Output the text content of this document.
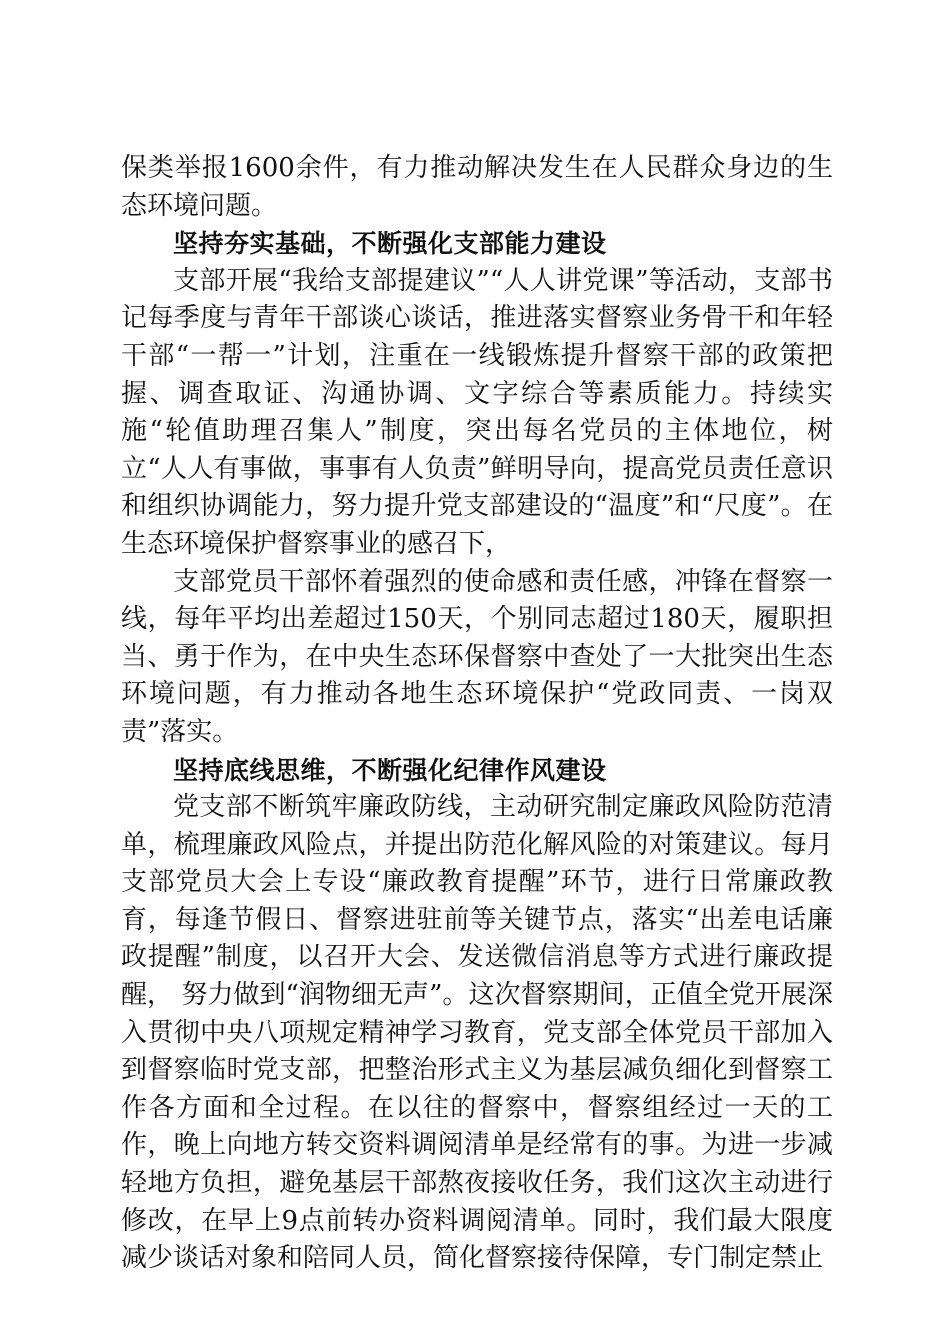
保类举报1600余件，有力推动解决发生在人民群众身边的生态环境问题。

坚持夯实基础，不断强化支部能力建设

支部开展“我给支部提建议”“人人讲党课”等活动，支部书记每季度与青年干部谈心谈话，推进落实督察业务骨干和年轻干部“一帮一”计划，注重在一线锻炼提升督察干部的政策把握、调查取证、沟通协调、文字综合等素质能力。持续实施“轮值助理召集人”制度，突出每名党员的主体地位，树立“人人有事做，事事有人负责”鲜明导向，提高党员责任意识和组织协调能力，努力提升党支部建设的“温度”和“尺度”。在生态环境保护督察事业的感召下，

支部党员干部怀着强烈的使命感和责任感，冲锋在督察一线，每年平均出差超过150天，个别同志超过180天，履职担当、勇于作为，在中央生态环保督察中查处了一大批突出生态环境问题，有力推动各地生态环境保护“党政同责、一岗双责”落实。

坚持底线思维，不断强化纪律作风建设

党支部不断筑牢廉政防线，主动研究制定廉政风险防范清单，梳理廉政风险点，并提出防范化解风险的对策建议。每月支部党员大会上专设“廉政教育提醒”环节，进行日常廉政教育，每逢节假日、督察进驻前等关键节点，落实“出差电话廉政提醒”制度，以召开大会、发送微信消息等方式进行廉政提醒， 努力做到“润物细无声”。这次督察期间，正值全党开展深入贯彻中央八项规定精神学习教育，党支部全体党员干部加入到督察临时党支部，把整治形式主义为基层减负细化到督察工作各方面和全过程。在以往的督察中，督察组经过一天的工作，晚上向地方转交资料调阅清单是经常有的事。为进一步减轻地方负担，避免基层干部熬夜接收任务，我们这次主动进行修改，在早上9点前转办资料调阅清单。同时，我们最大限度减少谈话对象和陪同人员，简化督察接待保障，专门制定禁止
